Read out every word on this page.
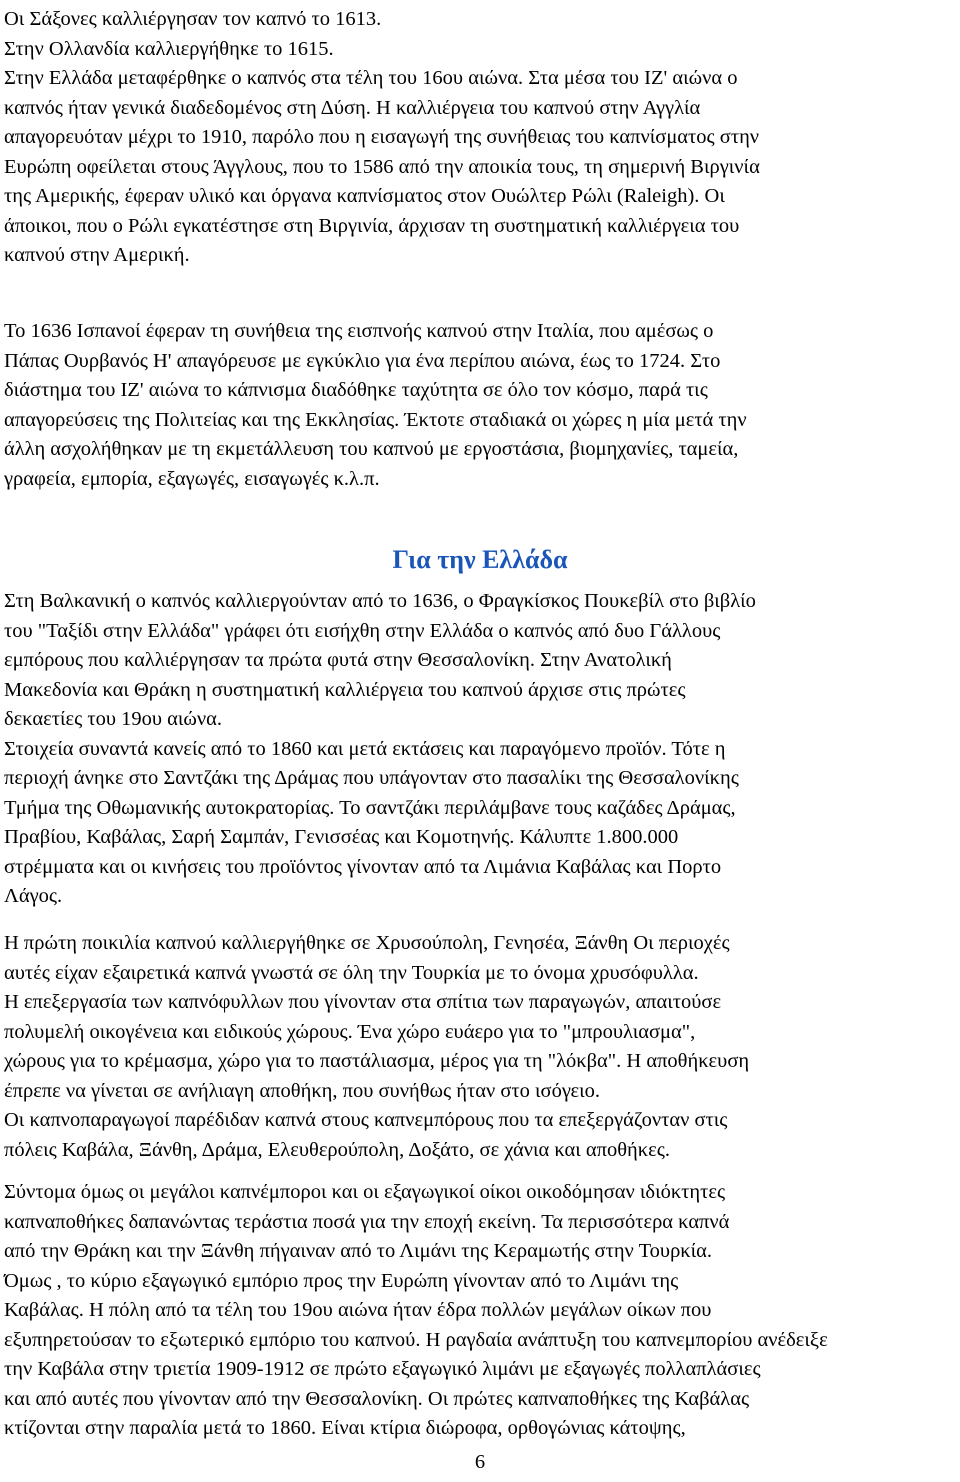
Οι Σάξονες καλλιέργησαν τον καπνό το 1613.
Στην Ολλανδία καλλιεργήθηκε το 1615.
Στην Ελλάδα μεταφέρθηκε ο καπνός στα τέλη του 16ου αιώνα. Στα μέσα του ΙΖ' αιώνα ο
καπνός ήταν γενικά διαδεδομένος στη Δύση. Η καλλιέργεια του καπνού στην Αγγλία
απαγορευόταν μέχρι το 1910, παρόλο που η εισαγωγή της συνήθειας του καπνίσματος στην
Ευρώπη οφείλεται στους Άγγλους, που το 1586 από την αποικία τους, τη σημερινή Βιργινία
της Αμερικής, έφεραν υλικό και όργανα καπνίσματος στον Ουώλτερ Ρώλι (Raleigh). Οι
άποικοι, που ο Ρώλι εγκατέστησε στη Βιργινία, άρχισαν τη συστηματική καλλιέργεια του
καπνού στην Αμερική.
Το 1636 Ισπανοί έφεραν τη συνήθεια της εισπνοής καπνού στην Ιταλία, που αμέσως ο
Πάπας Ουρβανός Η' απαγόρευσε με εγκύκλιο για ένα περίπου αιώνα, έως το 1724. Στο
διάστημα του ΙΖ' αιώνα το κάπνισμα διαδόθηκε ταχύτητα σε όλο τον κόσμο, παρά τις
απαγορεύσεις της Πολιτείας και της Εκκλησίας. Έκτοτε σταδιακά οι χώρες η μία μετά την
άλλη ασχολήθηκαν με τη εκμετάλλευση του καπνού με εργοστάσια, βιομηχανίες, ταμεία,
γραφεία, εμπορία, εξαγωγές, εισαγωγές κ.λ.π.
Για την Ελλάδα
Στη Βαλκανική ο καπνός καλλιεργούνταν από το 1636, ο Φραγκίσκος Πουκεβίλ στο βιβλίο
του "Ταξίδι στην Ελλάδα" γράφει ότι εισήχθη στην Ελλάδα ο καπνός από δυο Γάλλους
εμπόρους που καλλιέργησαν τα πρώτα φυτά στην Θεσσαλονίκη. Στην Ανατολική
Μακεδονία και Θράκη η συστηματική καλλιέργεια του καπνού άρχισε στις πρώτες
δεκαετίες του 19ου αιώνα.
Στοιχεία συναντά κανείς από το 1860 και μετά εκτάσεις και παραγόμενο προϊόν. Τότε η
περιοχή άνηκε στο Σαντζάκι της Δράμας που υπάγονταν στο πασαλίκι της Θεσσαλονίκης
Τμήμα της Οθωμανικής αυτοκρατορίας. Το σαντζάκι περιλάμβανε τους καζάδες Δράμας,
Πραβίου, Καβάλας, Σαρή Σαμπάν, Γενισσέας και Κομοτηνής. Κάλυπτε 1.800.000
στρέμματα και οι κινήσεις του προϊόντος γίνονταν από τα Λιμάνια Καβάλας και Πορτο
Λάγος.
Η πρώτη ποικιλία καπνού καλλιεργήθηκε σε Χρυσούπολη, Γενησέα, Ξάνθη Οι περιοχές
αυτές είχαν εξαιρετικά καπνά γνωστά σε όλη την Τουρκία με το όνομα χρυσόφυλλα.
Η επεξεργασία των καπνόφυλλων που γίνονταν στα σπίτια των παραγωγών, απαιτούσε
πολυμελή οικογένεια και ειδικούς χώρους. Ένα χώρο ευάερο για το "μπρουλιασμα",
χώρους για το κρέμασμα, χώρο για το παστάλιασμα, μέρος για τη "λόκβα". Η αποθήκευση
έπρεπε να γίνεται σε ανήλιαγη αποθήκη, που συνήθως ήταν στο ισόγειο.
Οι καπνοπαραγωγοί παρέδιδαν καπνά στους καπνεμπόρους που τα επεξεργάζονταν στις
πόλεις Καβάλα, Ξάνθη, Δράμα, Ελευθερούπολη, Δοξάτο, σε χάνια και αποθήκες.
Σύντομα όμως οι μεγάλοι καπνέμποροι και οι εξαγωγικοί οίκοι οικοδόμησαν ιδιόκτητες
καπναποθήκες δαπανώντας τεράστια ποσά για την εποχή εκείνη. Τα περισσότερα καπνά
από την Θράκη και την Ξάνθη πήγαιναν από το Λιμάνι της Κεραμωτής στην Τουρκία.
Όμως , το κύριο εξαγωγικό εμπόριο προς την Ευρώπη γίνονταν από το Λιμάνι της
Καβάλας. Η πόλη από τα τέλη του 19ου αιώνα ήταν έδρα πολλών μεγάλων οίκων που
εξυπηρετούσαν το εξωτερικό εμπόριο του καπνού. Η ραγδαία ανάπτυξη του καπνεμπορίου ανέδειξε
την Καβάλα στην τριετία 1909-1912 σε πρώτο εξαγωγικό λιμάνι με εξαγωγές πολλαπλάσιες
και από αυτές που γίνονταν από την Θεσσαλονίκη. Οι πρώτες καπναποθήκες της Καβάλας
κτίζονται στην παραλία μετά το 1860. Είναι κτίρια διώροφα, ορθογώνιας κάτοψης,
6
